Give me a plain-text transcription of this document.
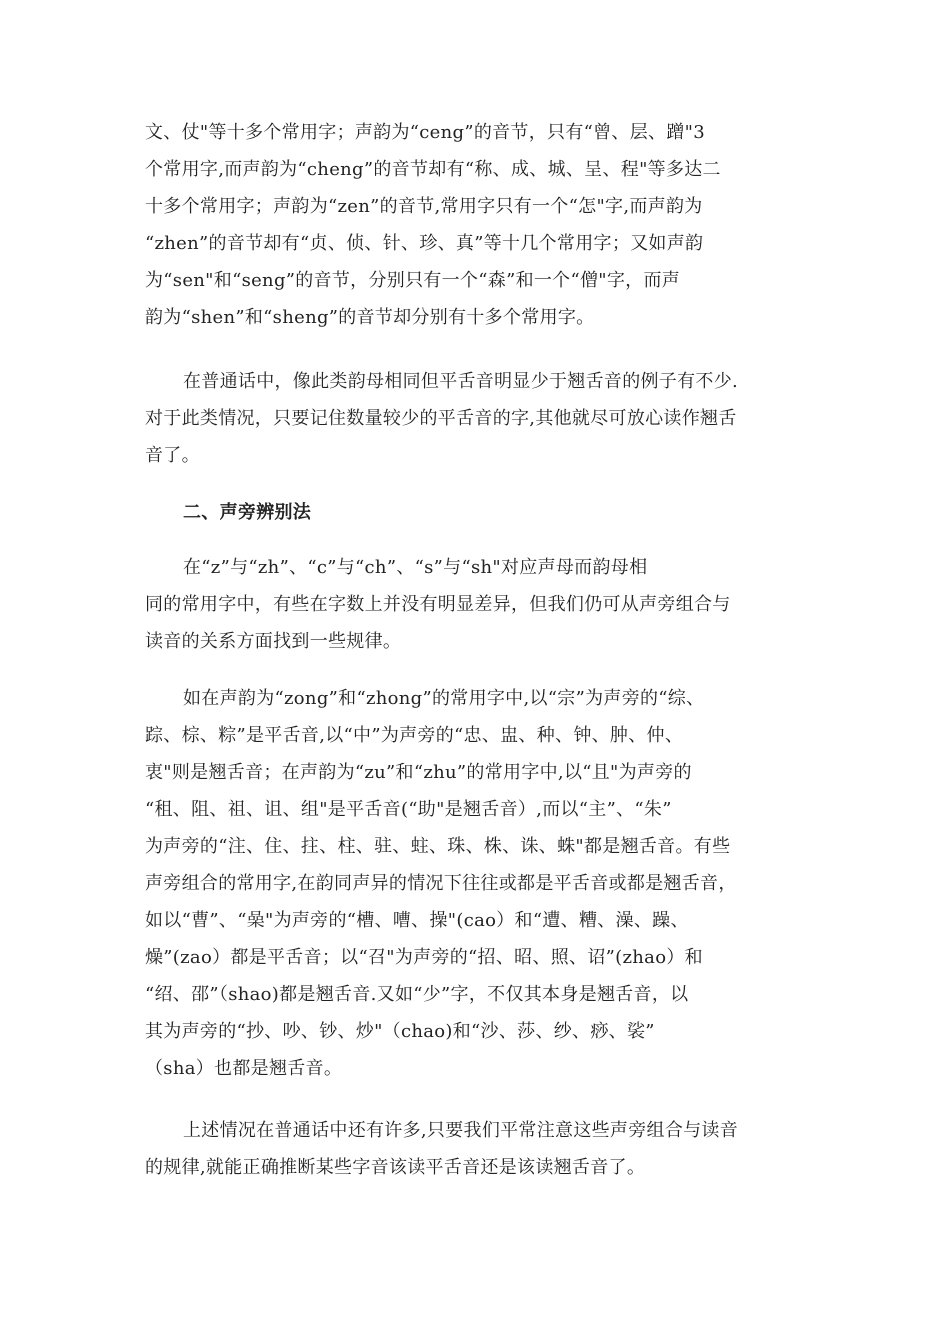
文、仗"等十多个常用字；声韵为“ceng”的音节，只有“曾、层、蹭"3
个常用字,而声韵为“cheng”的音节却有“称、成、城、呈、程"等多达二
十多个常用字；声韵为“zen”的音节,常用字只有一个“怎"字,而声韵为
“zhen”的音节却有“贞、侦、针、珍、真”等十几个常用字；又如声韵
为“sen"和“seng”的音节，分别只有一个“森”和一个“僧"字，而声
韵为“shen”和“sheng”的音节却分别有十多个常用字。
在普通话中，像此类韵母相同但平舌音明显少于翘舌音的例子有不少.
对于此类情况，只要记住数量较少的平舌音的字,其他就尽可放心读作翘舌
音了。
二、声旁辨别法
在“z”与“zh”、“c”与“ch”、“s”与“sh"对应声母而韵母相
同的常用字中，有些在字数上并没有明显差异，但我们仍可从声旁组合与
读音的关系方面找到一些规律。
如在声韵为“zong”和“zhong”的常用字中,以“宗”为声旁的“综、
踪、棕、粽”是平舌音,以“中”为声旁的“忠、盅、种、钟、肿、仲、
衷"则是翘舌音；在声韵为“zu”和“zhu”的常用字中,以“且"为声旁的
“租、阻、祖、诅、组"是平舌音(“助"是翘舌音）,而以“主”、“朱”
为声旁的“注、住、拄、柱、驻、蛀、珠、株、诛、蛛"都是翘舌音。有些
声旁组合的常用字,在韵同声异的情况下往往或都是平舌音或都是翘舌音，
如以“曹”、“喿"为声旁的“槽、嘈、操"(cao）和“遭、糟、澡、躁、
燥”(zao）都是平舌音；以“召"为声旁的“招、昭、照、诏”(zhao）和
“绍、邵”（shao)都是翘舌音.又如“少”字，不仅其本身是翘舌音，以
其为声旁的“抄、吵、钞、炒"（chao)和“沙、莎、纱、痧、裟”
（sha）也都是翘舌音。
上述情况在普通话中还有许多,只要我们平常注意这些声旁组合与读音
的规律,就能正确推断某些字音该读平舌音还是该读翘舌音了。
